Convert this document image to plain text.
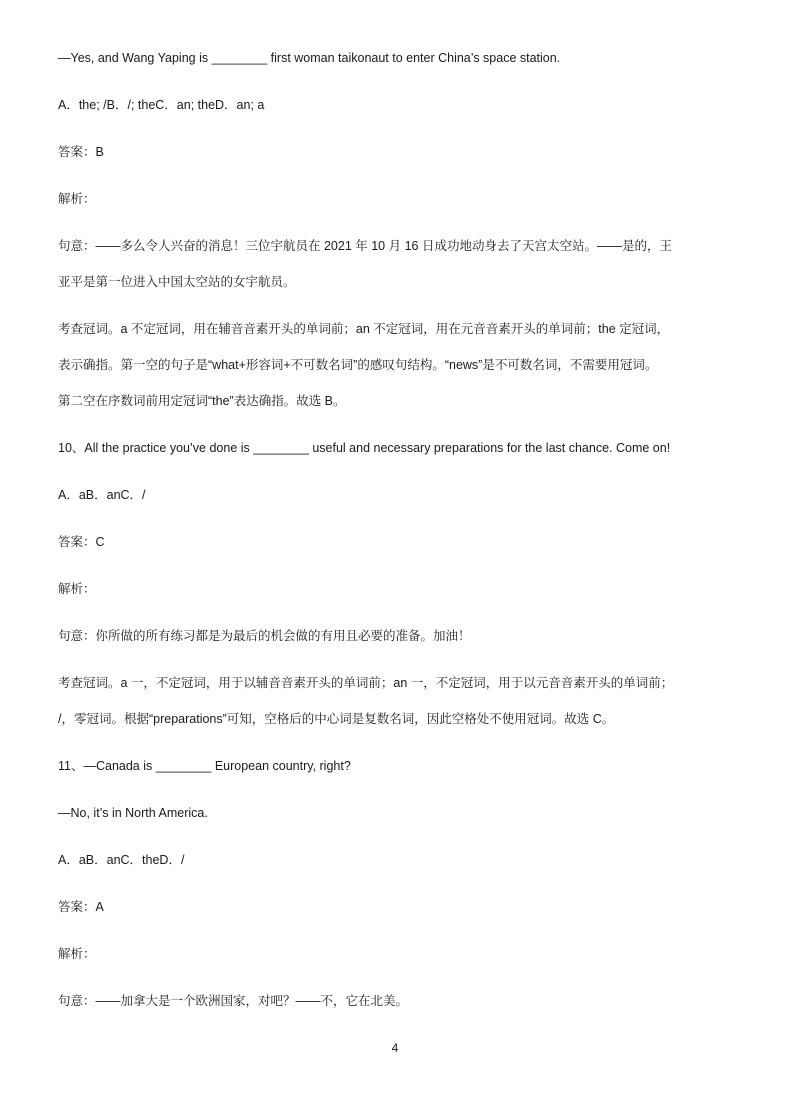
—Yes, and Wang Yaping is ________ first woman taikonaut to enter China’s space station.
A．the; /B．/; theC．an; theD．an; a
答案：B
解析：
句意：——多么令人兴奋的消息！三位宇航员在 2021 年 10 月 16 日成功地动身去了天宫太空站。——是的，王
亚平是第一位进入中国太空站的女宇航员。
考查冠词。a 不定冠词，用在辅音音素开头的单词前；an 不定冠词，用在元音音素开头的单词前；the 定冠词，
表示确指。第一空的句子是“what+形容词+不可数名词”的感叹句结构。“news”是不可数名词，不需要用冠词。
第二空在序数词前用定冠词“the”表达确指。故选 B。
10、All the practice you’ve done is ________ useful and necessary preparations for the last chance. Come on!
A．aB．anC．/
答案：C
解析：
句意：你所做的所有练习都是为最后的机会做的有用且必要的准备。加油！
考查冠词。a 一，不定冠词，用于以辅音音素开头的单词前；an 一，不定冠词，用于以元音音素开头的单词前；
/，零冠词。根据“preparations”可知，空格后的中心词是复数名词，因此空格处不使用冠词。故选 C。
11、—Canada is ________ European country, right?
—No, it’s in North America.
A．aB．anC．theD．/
答案：A
解析：
句意：——加拿大是一个欧洲国家，对吧？——不，它在北美。
4
